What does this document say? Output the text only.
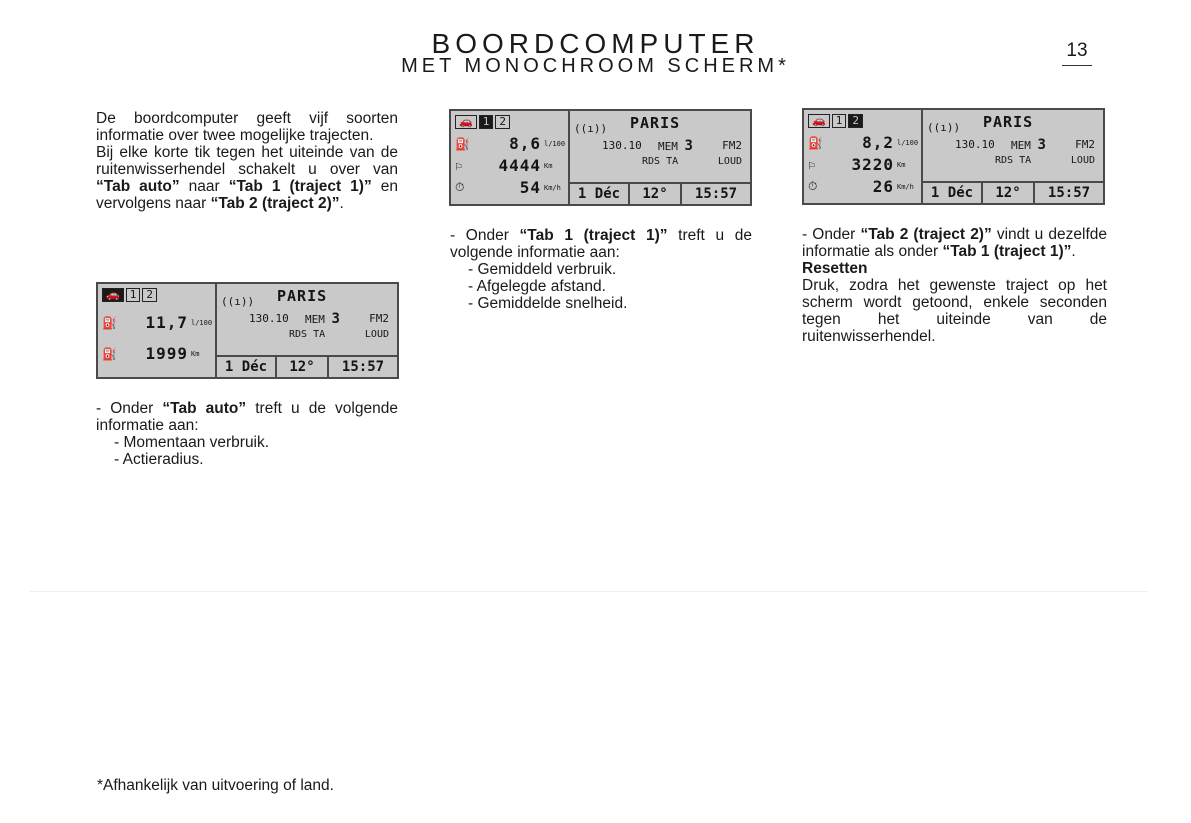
BOORDCOMPUTER
MET MONOCHROOM SCHERM*
13

De boordcomputer geeft vijf soorten informatie over twee mogelijke trajecten.

Bij elke korte tik tegen het uiteinde van de ruitenwisserhendel schakelt u over van “Tab auto” naar “Tab 1 (traject 1)” en vervolgens naar “Tab 2 (traject 2)”.

🚗 1 2
⛽	11,7 l/100
⛽	1999 Km
((ı)) PARIS
130.10 MEM 3	FM2
RDS TA	LOUD
1 Déc	12°	15:57

- Onder “Tab auto” treft u de volgende informatie aan:

- Momentaan verbruik.

- Actieradius.

🚗 1 2
⛽	8,6 l/100
⚐	4444 Km
⏱	54 Km/h
((ı)) PARIS
130.10 MEM 3	FM2
RDS TA	LOUD
1 Déc	12°	15:57

- Onder “Tab 1 (traject 1)” treft u de volgende informatie aan:

- Gemiddeld verbruik.

- Afgelegde afstand.

- Gemiddelde snelheid.

🚗 1 2
⛽	8,2 l/100
⚐	3220 Km
⏱	26 Km/h
((ı)) PARIS
130.10 MEM 3	FM2
RDS TA	LOUD
1 Déc	12°	15:57

- Onder “Tab 2 (traject 2)” vindt u dezelfde informatie als onder “Tab 1 (traject 1)”.

Resetten

Druk, zodra het gewenste traject op het scherm wordt getoond, enkele seconden tegen het uiteinde van de ruitenwisserhendel.

*Afhankelijk van uitvoering of land.
